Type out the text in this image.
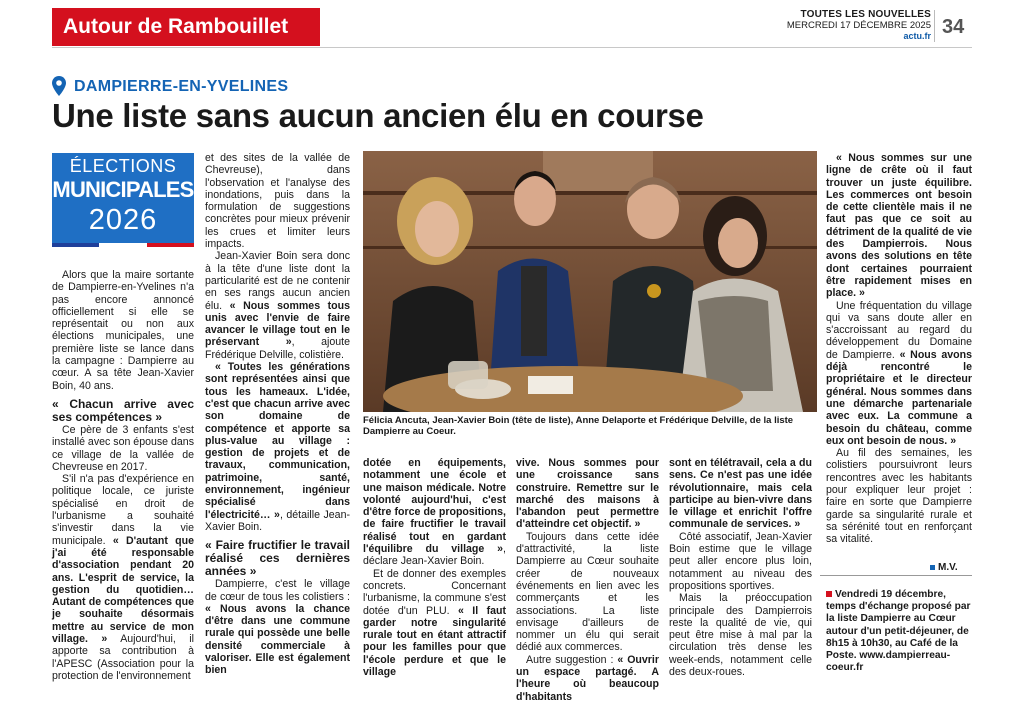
Autour de Rambouillet
TOUTES LES NOUVELLES
MERCREDI 17 DÉCEMBRE 2025
actu.fr 34
DAMPIERRE-EN-YVELINES
Une liste sans aucun ancien élu en course
ÉLECTIONS
MUNICIPALES
2026

Alors que la maire sortante de Dampierre-en-Yvelines n'a pas encore annoncé officiellement si elle se représentait ou non aux élections municipales, une première liste se lance dans la campagne : Dampierre au cœur. A sa tête Jean-Xavier Boin, 40 ans.

« Chacun arrive avec ses compétences »

Ce père de 3 enfants s'est installé avec son épouse dans ce village de la vallée de Chevreuse en 2017.

S'il n'a pas d'expérience en politique locale, ce juriste spécialisé en droit de l'urbanisme a souhaité s'investir dans la vie municipale. « D'autant que j'ai été responsable d'association pendant 20 ans. L'esprit de service, la gestion du quotidien… Autant de compétences que je souhaite désormais mettre au service de mon village. » Aujourd'hui, il apporte sa contribution à l'APESC (Association pour la protection de l'environnement

et des sites de la vallée de Chevreuse), dans l'observation et l'analyse des inondations, puis dans la formulation de suggestions concrètes pour mieux prévenir les crues et limiter leurs impacts.

Jean-Xavier Boin sera donc à la tête d'une liste dont la particularité est de ne contenir en ses rangs aucun ancien élu. « Nous sommes tous unis avec l'envie de faire avancer le village tout en le préservant », ajoute Frédérique Delville, colistière.

« Toutes les générations sont représentées ainsi que tous les hameaux. L'idée, c'est que chacun arrive avec son domaine de compétence et apporte sa plus-value au village : gestion de projets et de travaux, communication, patrimoine, santé, environnement, ingénieur spécialisé dans l'électricité… », détaille Jean-Xavier Boin.

« Faire fructifier le travail réalisé ces dernières années »

Dampierre, c'est le village de cœur de tous les colistiers : « Nous avons la chance d'être dans une commune rurale qui possède une belle densité commerciale à valoriser. Elle est également bien

Félicia Ancuta, Jean-Xavier Boin (tête de liste), Anne Delaporte et Frédérique Delville, de la liste Dampierre au Coeur.

dotée en équipements, notamment une école et une maison médicale. Notre volonté aujourd'hui, c'est d'être force de propositions, de faire fructifier le travail réalisé tout en gardant l'équilibre du village », déclare Jean-Xavier Boin.

Et de donner des exemples concrets. Concernant l'urbanisme, la commune s'est dotée d'un PLU. « Il faut garder notre singularité rurale tout en étant attractif pour les familles pour que l'école perdure et que le village

vive. Nous sommes pour une croissance sans construire. Remettre sur le marché des maisons à l'abandon peut permettre d'atteindre cet objectif. »

Toujours dans cette idée d'attractivité, la liste Dampierre au Cœur souhaite créer de nouveaux événements en lien avec les commerçants et les associations. La liste envisage d'ailleurs de nommer un élu qui serait dédié aux commerces.

Autre suggestion : « Ouvrir un espace partagé. A l'heure où beaucoup d'habitants

sont en télétravail, cela a du sens. Ce n'est pas une idée révolutionnaire, mais cela participe au bien-vivre dans le village et enrichit l'offre communale de services. »

Côté associatif, Jean-Xavier Boin estime que le village peut aller encore plus loin, notamment au niveau des propositions sportives.

Mais la préoccupation principale des Dampierrois reste la qualité de vie, qui peut être mise à mal par la circulation très dense les week-ends, notamment celle des deux-roues.

« Nous sommes sur une ligne de crête où il faut trouver un juste équilibre. Les commerces ont besoin de cette clientèle mais il ne faut pas que ce soit au détriment de la qualité de vie des Dampierrois. Nous avons des solutions en tête dont certaines pourraient être rapidement mises en place. »

Une fréquentation du village qui va sans doute aller en s'accroissant au regard du développement du Domaine de Dampierre. « Nous avons déjà rencontré le propriétaire et le directeur général. Nous sommes dans une démarche partenariale avec eux. La commune a besoin du château, comme eux ont besoin de nous. »

Au fil des semaines, les colistiers poursuivront leurs rencontres avec les habitants pour expliquer leur projet : faire en sorte que Dampierre garde sa singularité rurale et sa sérénité tout en renforçant sa vitalité.

M.V.
Vendredi 19 décembre, temps d'échange proposé par la liste Dampierre au Cœur autour d'un petit-déjeuner, de 8h15 à 10h30, au Café de la Poste. www.dampierreau-coeur.fr
